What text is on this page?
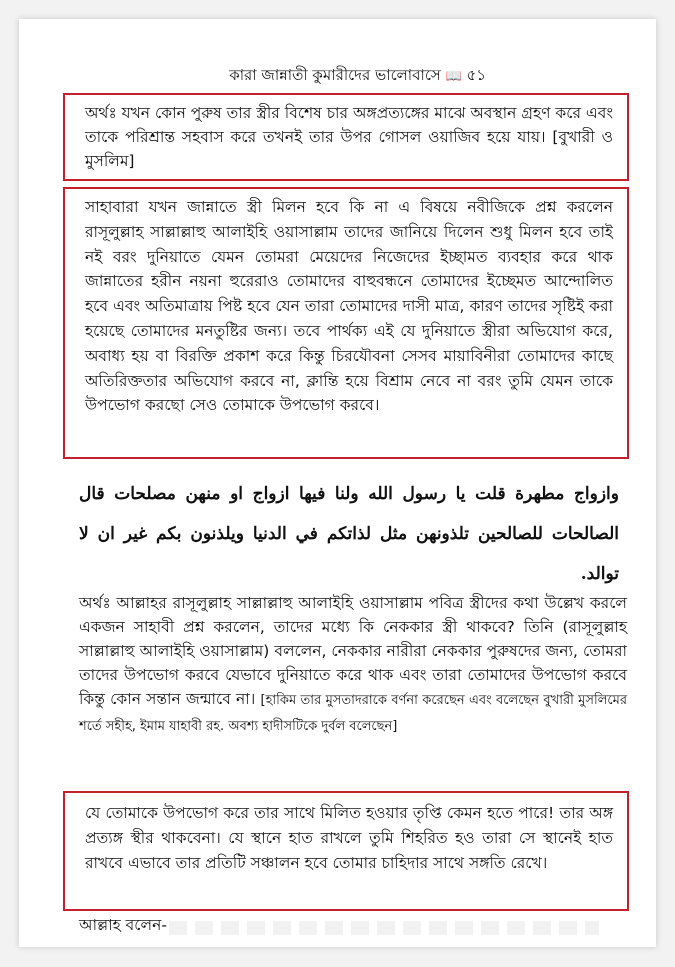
কারা জান্নাতী কুমারীদের ভালোবাসে 📖 ৫১
অর্থঃ যখন কোন পুরুষ তার স্ত্রীর বিশেষ চার অঙ্গপ্রত্যঙ্গের মাঝে অবস্থান গ্রহণ করে এবং তাকে পরিশ্রান্ত সহবাস করে তখনই তার উপর গোসল ওয়াজিব হয়ে যায়। [বুখারী ও মুসলিম]
সাহাবারা যখন জান্নাতে স্ত্রী মিলন হবে কি না এ বিষয়ে নবীজিকে প্রশ্ন করলেন রাসূলুল্লাহ সাল্লাল্লাহু আলাইহি ওয়াসাল্লাম তাদের জানিয়ে দিলেন শুধু মিলন হবে তাই নই বরং দুনিয়াতে যেমন তোমরা মেয়েদের নিজেদের ইচ্ছামত ব্যবহার করে থাক জান্নাতের হরীন নয়না হুরেরাও তোমাদের বাহুবন্ধনে তোমাদের ইচ্ছেমত আন্দোলিত হবে এবং অতিমাত্রায় পিষ্ট হবে যেন তারা তোমাদের দাসী মাত্র, কারণ তাদের সৃষ্টিই করা হয়েছে তোমাদের মনতুষ্টির জন্য। তবে পার্থক্য এই যে দুনিয়াতে স্ত্রীরা অভিযোগ করে, অবাধ্য হয় বা বিরক্তি প্রকাশ করে কিন্তু চিরযৌবনা সেসব মায়াবিনীরা তোমাদের কাছে অতিরিক্ততার অভিযোগ করবে না, ক্লান্তি হয়ে বিশ্রাম নেবে না বরং তুমি যেমন তাকে উপভোগ করছো সেও তোমাকে উপভোগ করবে।
وازواج مطهرة قلت يا رسول الله ولنا فيها ازواج او منهن مصلحات قال الصالحات للصالحين تلذونهن مثل لذاتكم في الدنيا ويلذنون بكم غير ان لا توالد.
অর্থঃ আল্লাহর রাসূলুল্লাহ সাল্লাল্লাহু আলাইহি ওয়াসাল্লাম পবিত্র স্ত্রীদের কথা উল্লেখ করলে একজন সাহাবী প্রশ্ন করলেন, তাদের মধ্যে কি নেককার স্ত্রী থাকবে? তিনি (রাসূলুল্লাহ সাল্লাল্লাহু আলাইহি ওয়াসাল্লাম) বললেন, নেককার নারীরা নেককার পুরুষদের জন্য, তোমরা তাদের উপভোগ করবে যেভাবে দুনিয়াতে করে থাক এবং তারা তোমাদের উপভোগ করবে কিন্তু কোন সন্তান জন্মাবে না। [হাকিম তার মুসতাদরাকে বর্ণনা করেছেন এবং বলেছেন বুখারী মুসলিমের শর্তে সহীহ, ইমাম যাহাবী রহ. অবশ্য হাদীসটিকে দুর্বল বলেছেন]
যে তোমাকে উপভোগ করে তার সাথে মিলিত হওয়ার তৃপ্তি কেমন হতে পারে! তার অঙ্গ প্রত্যঙ্গ স্থীর থাকবেনা। যে স্থানে হাত রাখলে তুমি শিহরিত হও তারা সে স্থানেই হাত রাখবে এভাবে তার প্রতিটি সঞ্চালন হবে তোমার চাহিদার সাথে সঙ্গতি রেখে।
আল্লাহ বলেন-
